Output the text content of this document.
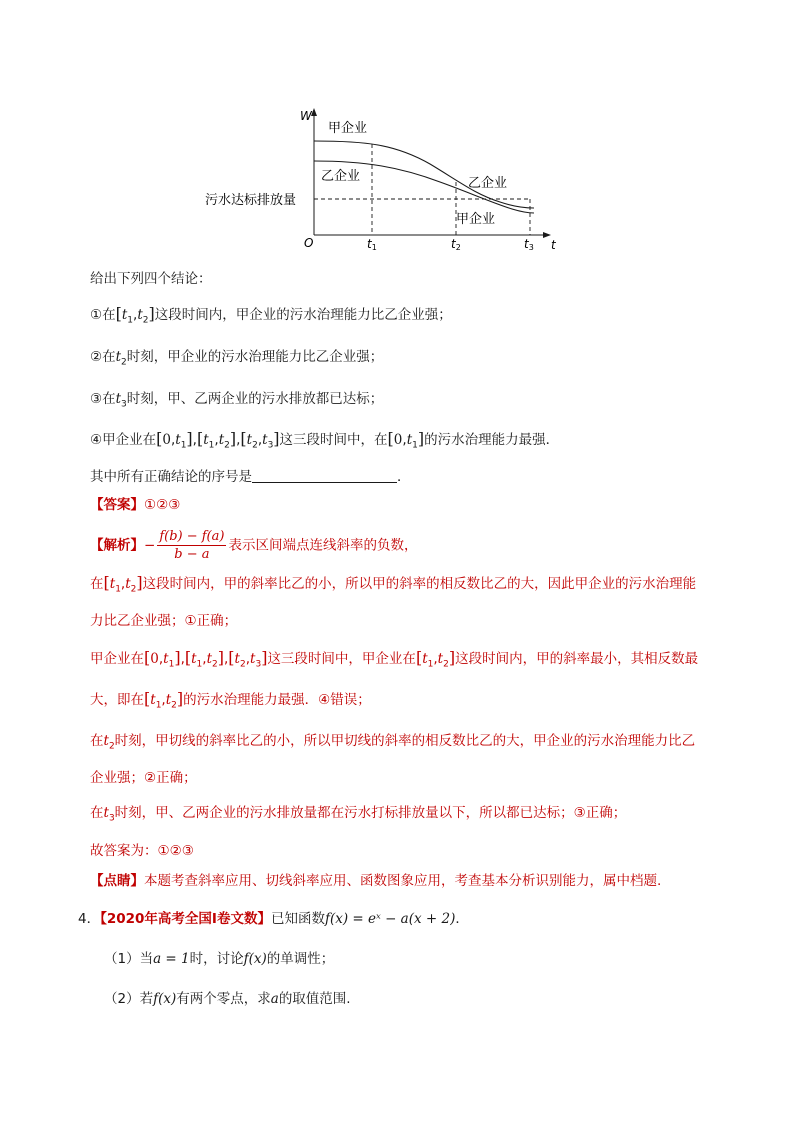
W
t
O	t1	t2	t3
甲企业
乙企业	乙企业
甲企业
污水达标排放量
给出下列四个结论：
①在$[t_1,t_2]$这段时间内，甲企业的污水治理能力比乙企业强；
②在$t_2$时刻，甲企业的污水治理能力比乙企业强；
③在$t_3$时刻，甲、乙两企业的污水排放都已达标；
④甲企业在$[0,t_1],[t_1,t_2],[t_2,t_3]$这三段时间中，在$[0,t_1]$的污水治理能力最强．
其中所有正确结论的序号是	．
【答案】①②③
【解析】− $\frac{f(b) - f(a)}{b - a}$ 表示区间端点连线斜率的负数，
在$[t_1,t_2]$这段时间内，甲的斜率比乙的小，所以甲的斜率的相反数比乙的大，因此甲企业的污水治理能
力比乙企业强；①正确；
甲企业在$[0,t_1],[t_1,t_2],[t_2,t_3]$这三段时间中，甲企业在$[t_1,t_2]$这段时间内，甲的斜率最小，其相反数最
大，即在$[t_1,t_2]$的污水治理能力最强．④错误；
在$t_2$时刻，甲切线的斜率比乙的小，所以甲切线的斜率的相反数比乙的大，甲企业的污水治理能力比乙
企业强；②正确；
在$t_3$时刻，甲、乙两企业的污水排放量都在污水打标排放量以下，所以都已达标；③正确；
故答案为：①②③
【点睛】本题考查斜率应用、切线斜率应用、函数图象应用，考查基本分析识别能力，属中档题.
4．【2020年高考全国Ⅰ卷文数】已知函数f(x) = eˣ − a(x + 2)．
（1）当a = 1时，讨论f(x)的单调性；
（2）若f(x)有两个零点，求a的取值范围.
